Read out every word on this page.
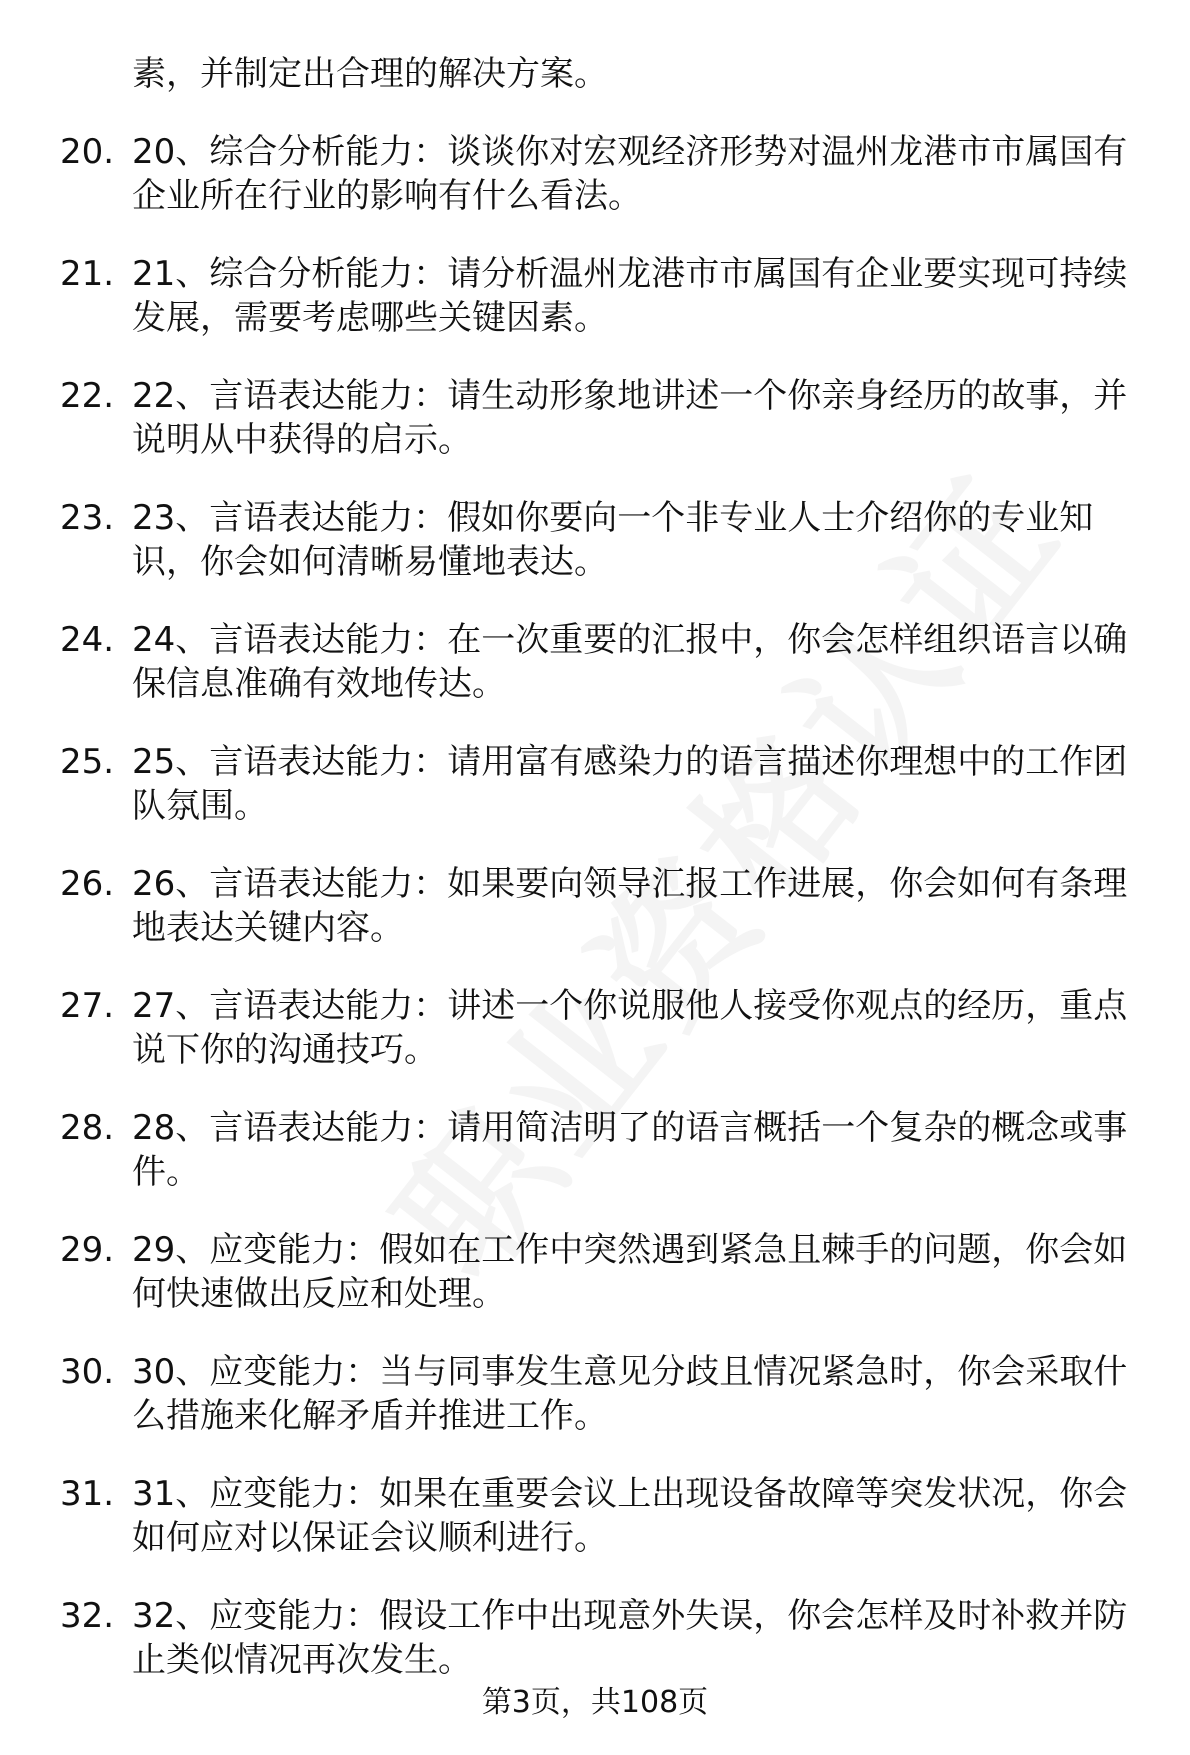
素，并制定出合理的解决方案。
20. 20、综合分析能力：谈谈你对宏观经济形势对温州龙港市市属国有企业所在行业的影响有什么看法。
21. 21、综合分析能力：请分析温州龙港市市属国有企业要实现可持续发展，需要考虑哪些关键因素。
22. 22、言语表达能力：请生动形象地讲述一个你亲身经历的故事，并说明从中获得的启示。
23. 23、言语表达能力：假如你要向一个非专业人士介绍你的专业知识，你会如何清晰易懂地表达。
24. 24、言语表达能力：在一次重要的汇报中，你会怎样组织语言以确保信息准确有效地传达。
25. 25、言语表达能力：请用富有感染力的语言描述你理想中的工作团队氛围。
26. 26、言语表达能力：如果要向领导汇报工作进展，你会如何有条理地表达关键内容。
27. 27、言语表达能力：讲述一个你说服他人接受你观点的经历，重点说下你的沟通技巧。
28. 28、言语表达能力：请用简洁明了的语言概括一个复杂的概念或事件。
29. 29、应变能力：假如在工作中突然遇到紧急且棘手的问题，你会如何快速做出反应和处理。
30. 30、应变能力：当与同事发生意见分歧且情况紧急时，你会采取什么措施来化解矛盾并推进工作。
31. 31、应变能力：如果在重要会议上出现设备故障等突发状况，你会如何应对以保证会议顺利进行。
32. 32、应变能力：假设工作中出现意外失误，你会怎样及时补救并防止类似情况再次发生。
第3页，共108页
